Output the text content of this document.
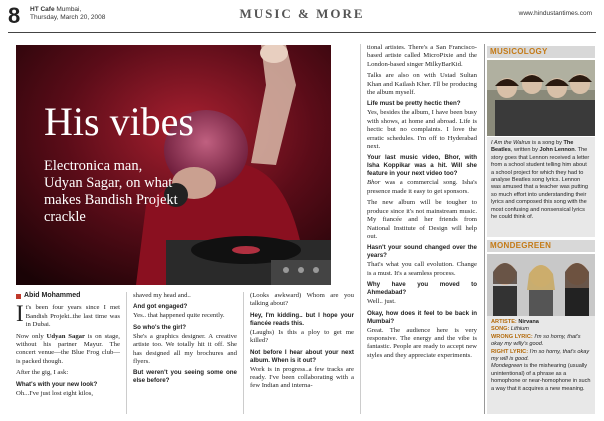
8 HT Cafe Mumbai,
Thursday, March 20, 2008	MUSIC & MORE	www.hindustantimes.com
His vibes
Electronica man, Udyan Sagar, on what makes Bandish Projekt crackle
Abid Mohammed

It's been four years since I met Bandish Projekt..the last time was in Dubai.

Now only Udyan Sagar is on stage, without his partner Mayur. The concert venue—the Blue Frog club—is packed though.

After the gig, I ask:

What's with your new look?

Oh...I've just lost eight kilos,

shaved my head and..

And got engaged?

Yes.. that happened quite recently.

So who's the girl?

She's a graphics designer. A creative artiste too. We totally hit it off. She has designed all my brochures and flyers.

But weren't you seeing some one else before?

(Looks awkward) Whom are you talking about?

Hey, I'm kidding.. but I hope your fiancée reads this.

(Laughs) Is this a ploy to get me killed?

Not before I hear about your next album. When is it out?

Work is in progress..a few tracks are ready. I've been collaborating with a few Indian and interna-

tional artistes. There's a San Francisco-based artiste called MicroPixie and the London-based singer MilkyBarKid.

Talks are also on with Ustad Sultan Khan and Kailash Kher. I'll be producing the album myself.

Life must be pretty hectic then?

Yes, besides the album, I have been busy with shows, at home and abroad. Life is hectic but no complaints. I love the erratic schedules. I'm off to Hyderabad next.

Your last music video, Bhor, with Isha Koppikar was a hit. Will she feature in your next video too?

Bhor was a commercial song. Isha's presence made it easy to get sponsors.

The new album will be tougher to produce since it's not mainstream music. My fiancée and her friends from National Institute of Design will help out.

Hasn't your sound changed over the years?

That's what you call evolution. Change is a must. It's a seamless process.

Why have you moved to Ahmedabad?

Well.. just.

Okay, how does it feel to be back in Mumbai?

Great. The audience here is very responsive. The energy and the vibe is fantastic. People are ready to accept new styles and they appreciate experiments.

MUSICOLOGY
I Am the Walrus is a song by The Beatles, written by John Lennon. The story goes that Lennon received a letter from a school student telling him about a school project for which they had to analyse Beatles song lyrics. Lennon was amused that a teacher was putting so much effort into understanding their lyrics and composed this song with the most confusing and nonsensical lyrics he could think of.
MONDEGREEN
ARTISTE: Nirvana
SONG: Lithium
WRONG LYRIC: I'm so horny, that's okay my willy's good.
RIGHT LYRIC: I'm so horny, that's okay my will is good.
Mondegreen is the mishearing (usually unintentional) of a phrase as a homophone or near-homophone in such a way that it acquires a new meaning.
